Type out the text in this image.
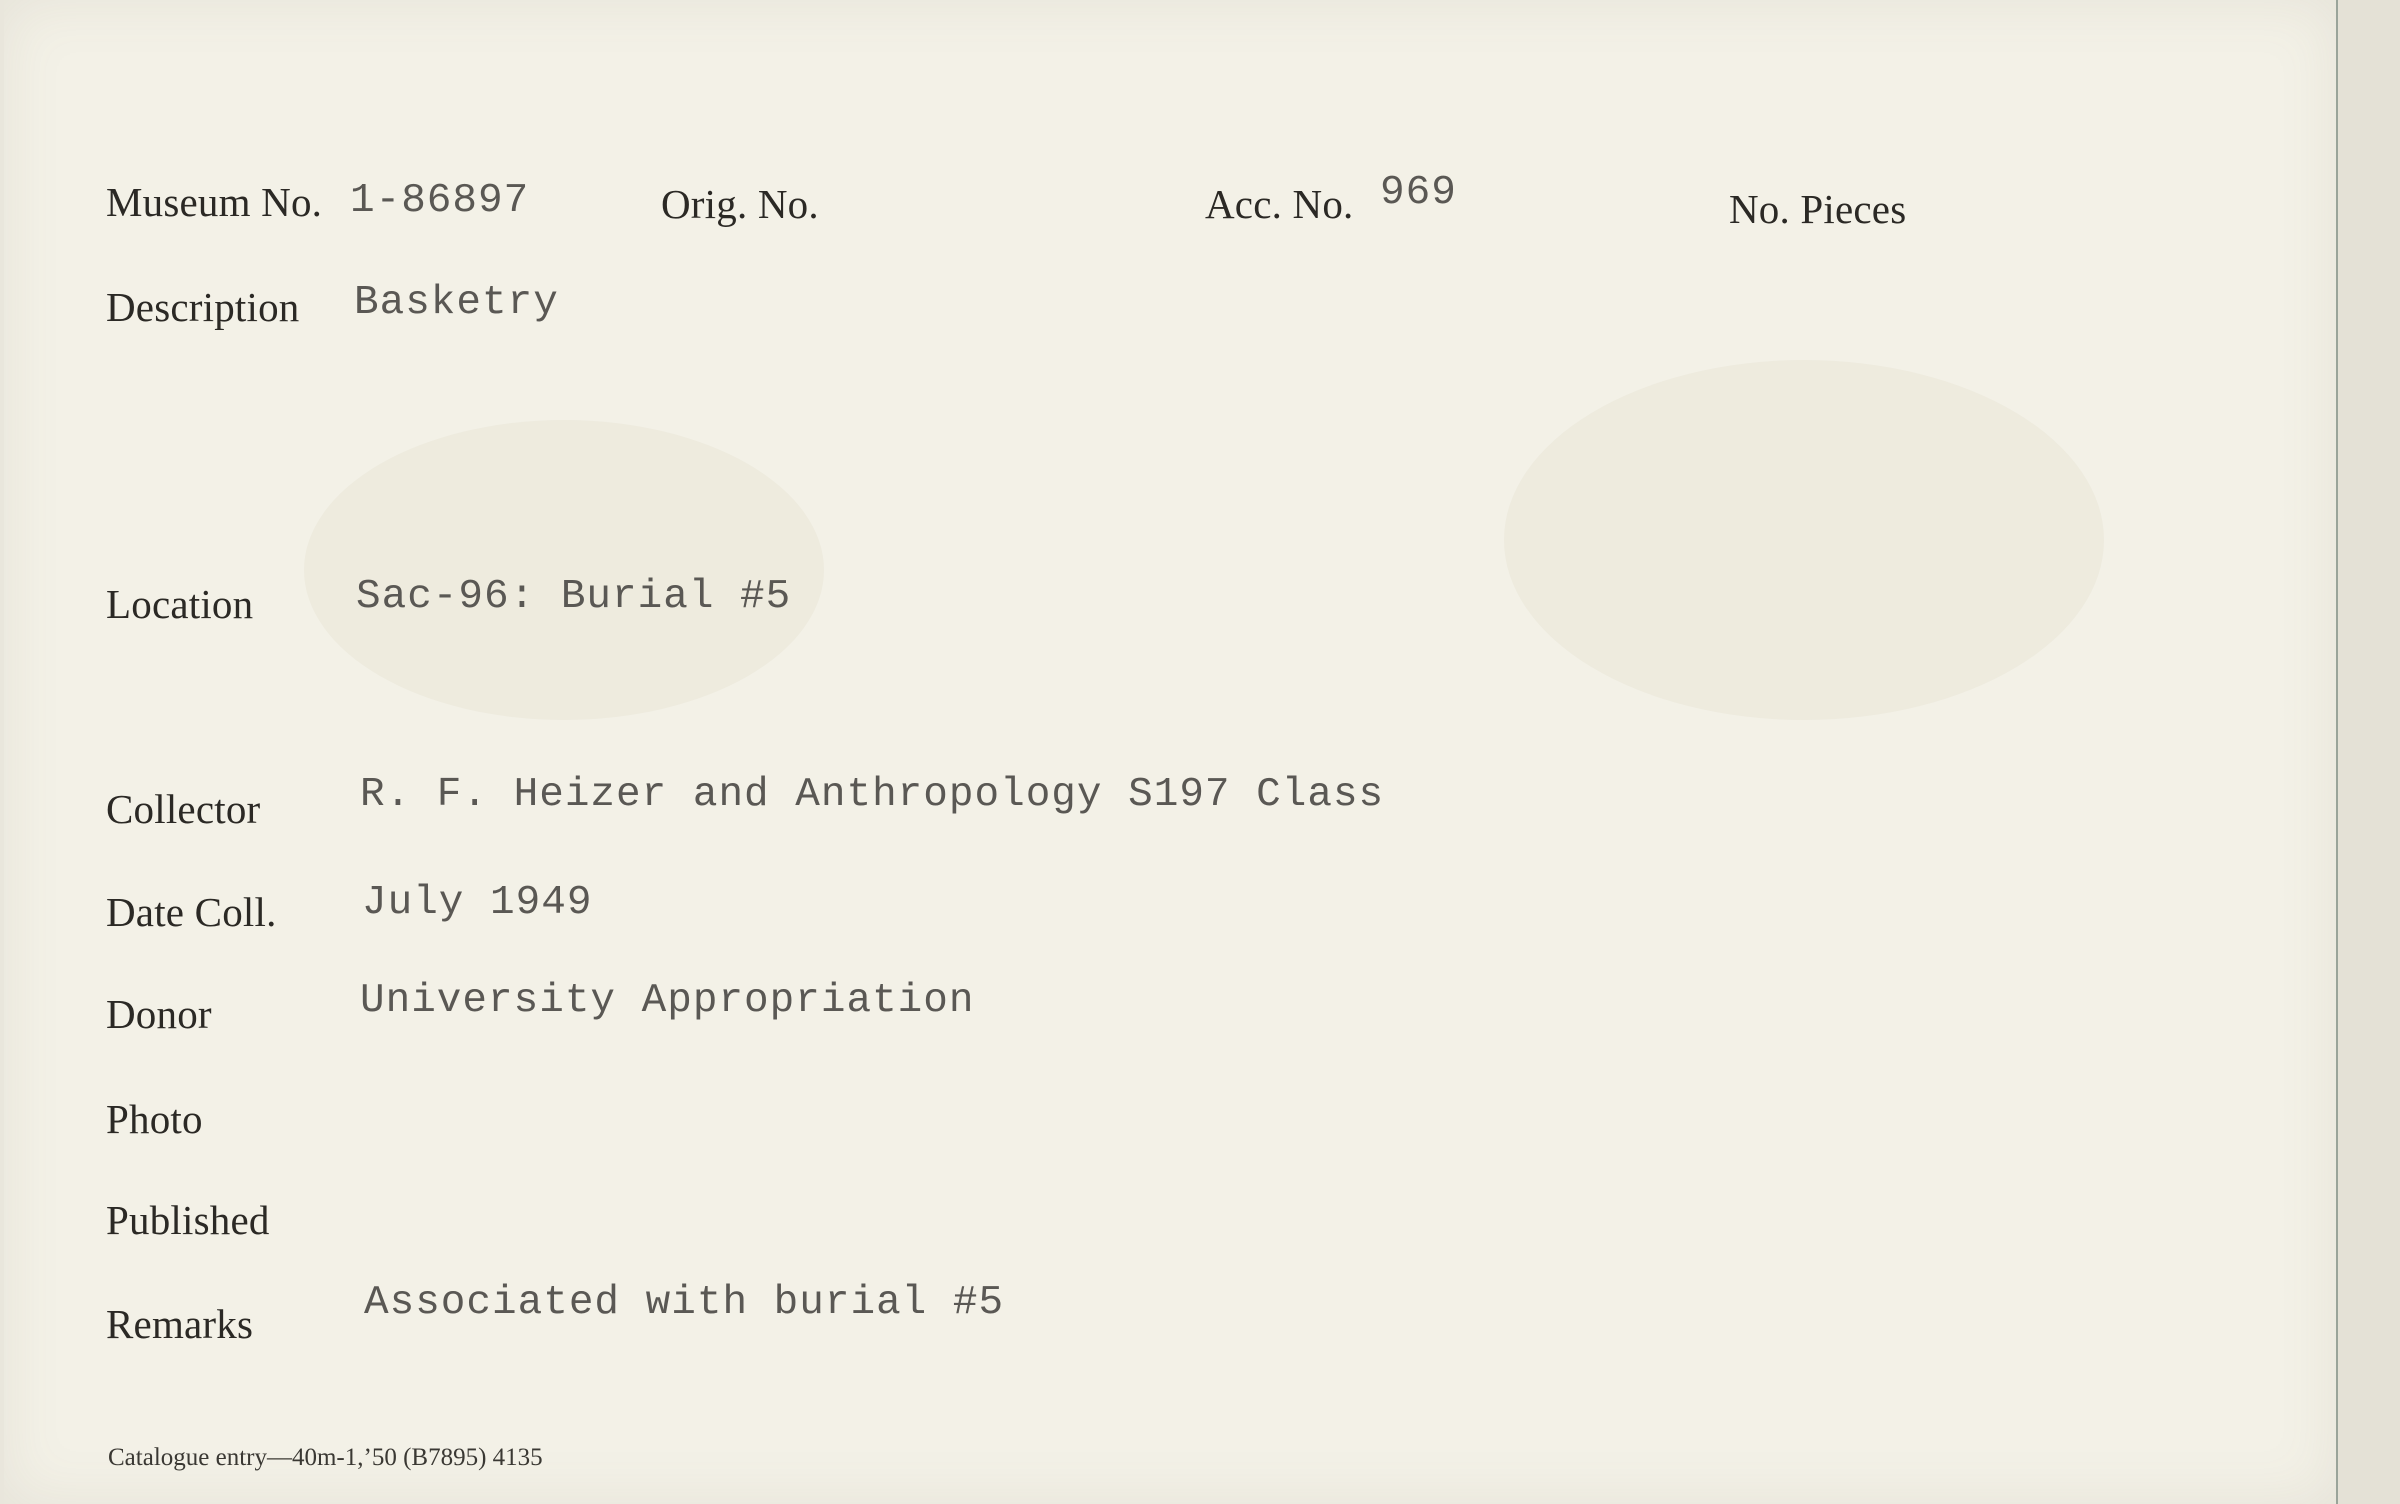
Museum No. 1-86897	Orig. No.	Acc. No. 969	No. Pieces
Description Basketry
Location	Sac-96: Burial #5
Collector R. F. Heizer and Anthropology S197 Class
Date Coll. July 1949
Donor	University Appropriation
Photo
Published
Remarks	Associated with burial #5
Catalogue entry—40m-1,’50 (B7895) 4135
